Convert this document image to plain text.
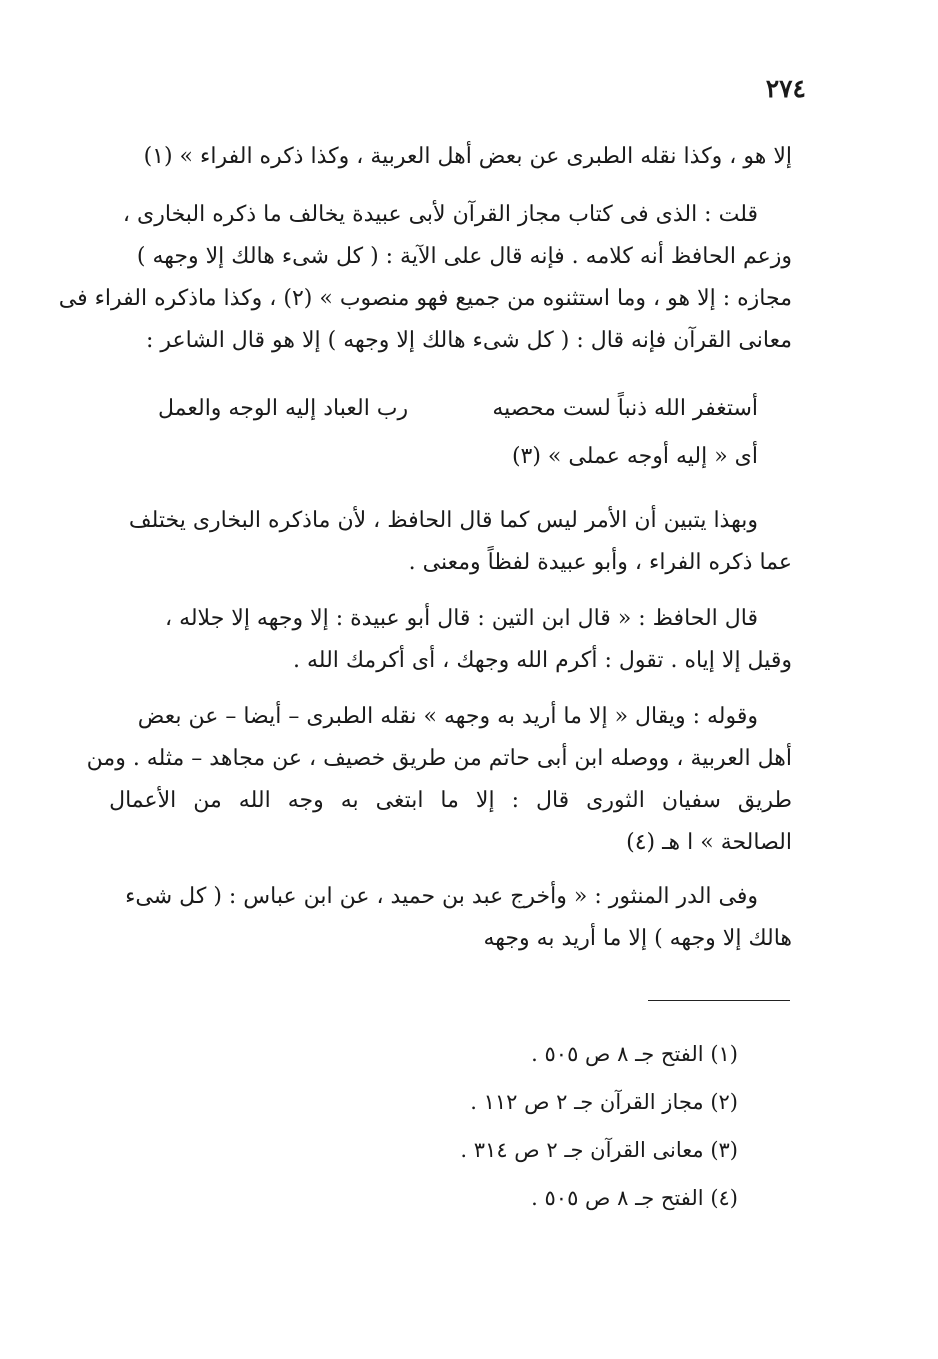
٢٧٤
إلا هو ، وكذا نقله الطبرى عن بعض أهل العربية ، وكذا ذكره الفراء » (١)
قلت : الذى فى كتاب مجاز القرآن لأبى عبيدة يخالف ما ذكره البخارى ،
وزعم الحافظ أنه كلامه . فإنه قال على الآية : ( كل شىء هالك إلا وجهه )
مجازه : إلا هو ، وما استثنوه من جميع فهو منصوب » (٢) ، وكذا ماذكره الفراء فى
معانى القرآن فإنه قال : ( كل شىء هالك إلا وجهه ) إلا هو قال الشاعر :
أستغفر الله ذنباً لست محصيه
رب العباد إليه الوجه والعمل
أى « إليه أوجه عملى » (٣)
وبهذا يتبين أن الأمر ليس كما قال الحافظ ، لأن ماذكره البخارى يختلف
عما ذكره الفراء ، وأبو عبيدة لفظاً ومعنى .
قال الحافظ : « قال ابن التين : قال أبو عبيدة : إلا وجهه إلا جلاله ،
وقيل إلا إياه . تقول : أكرم الله وجهك ، أى أكرمك الله .
وقوله : ويقال « إلا ما أريد به وجهه » نقله الطبرى – أيضا – عن بعض
أهل العربية ، ووصله ابن أبى حاتم من طريق خصيف ، عن مجاهد – مثله . ومن
طريق سفيان الثورى قال : إلا ما ابتغى به وجه الله من الأعمال
الصالحة » ا هـ (٤)
وفى الدر المنثور : « وأخرج عبد بن حميد ، عن ابن عباس : ( كل شىء
هالك إلا وجهه ) إلا ما أريد به وجهه
(١) الفتح جـ ٨ ص ٥٠٥ .
(٢) مجاز القرآن جـ ٢ ص ١١٢ .
(٣) معانى القرآن جـ ٢ ص ٣١٤ .
(٤) الفتح جـ ٨ ص ٥٠٥ .
